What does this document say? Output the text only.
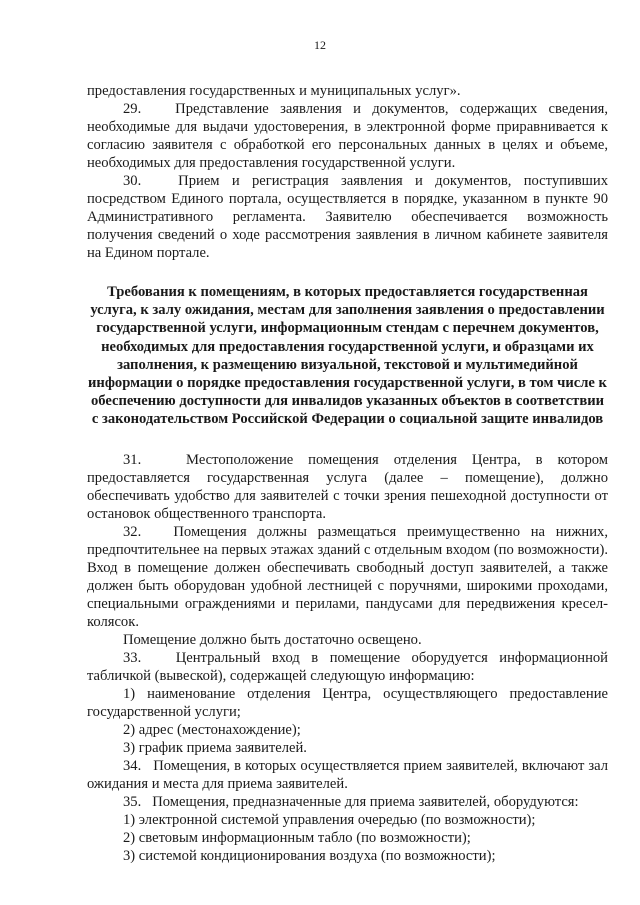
12

предоставления государственных и муниципальных услуг».

29.   Представление заявления и документов, содержащих сведения, необходимые для выдачи удостоверения, в электронной форме приравнивается к согласию заявителя с обработкой его персональных данных в целях и объеме, необходимых для предоставления государственной услуги.

30.   Прием и регистрация заявления и документов, поступивших посредством Единого портала, осуществляется в порядке, указанном в пункте 90 Административного регламента. Заявителю обеспечивается возможность получения сведений о ходе рассмотрения заявления в личном кабинете заявителя на Едином портале.

Требования к помещениям, в которых предоставляется государственная услуга, к залу ожидания, местам для заполнения заявления о предоставлении государственной услуги, информационным стендам с перечнем документов, необходимых для предоставления государственной услуги, и образцами их заполнения, к размещению визуальной, текстовой и мультимедийной информации о порядке предоставления государственной услуги, в том числе к обеспечению доступности для инвалидов указанных объектов в соответствии с законодательством Российской Федерации о социальной защите инвалидов

31.   Местоположение помещения отделения Центра, в котором предоставляется государственная услуга (далее – помещение), должно обеспечивать удобство для заявителей с точки зрения пешеходной доступности от остановок общественного транспорта.

32.   Помещения должны размещаться преимущественно на нижних, предпочтительнее на первых этажах зданий с отдельным входом (по возможности). Вход в помещение должен обеспечивать свободный доступ заявителей, а также должен быть оборудован удобной лестницей с поручнями, широкими проходами, специальными ограждениями и перилами, пандусами для передвижения кресел-колясок.

Помещение должно быть достаточно освещено.

33.   Центральный вход в помещение оборудуется информационной табличкой (вывеской), содержащей следующую информацию:

1) наименование отделения Центра, осуществляющего предоставление государственной услуги;

2) адрес (местонахождение);

3) график приема заявителей.

34.   Помещения, в которых осуществляется прием заявителей, включают зал ожидания и места для приема заявителей.

35.   Помещения, предназначенные для приема заявителей, оборудуются:

1) электронной системой управления очередью (по возможности);

2) световым информационным табло (по возможности);

3) системой кондиционирования воздуха (по возможности);
